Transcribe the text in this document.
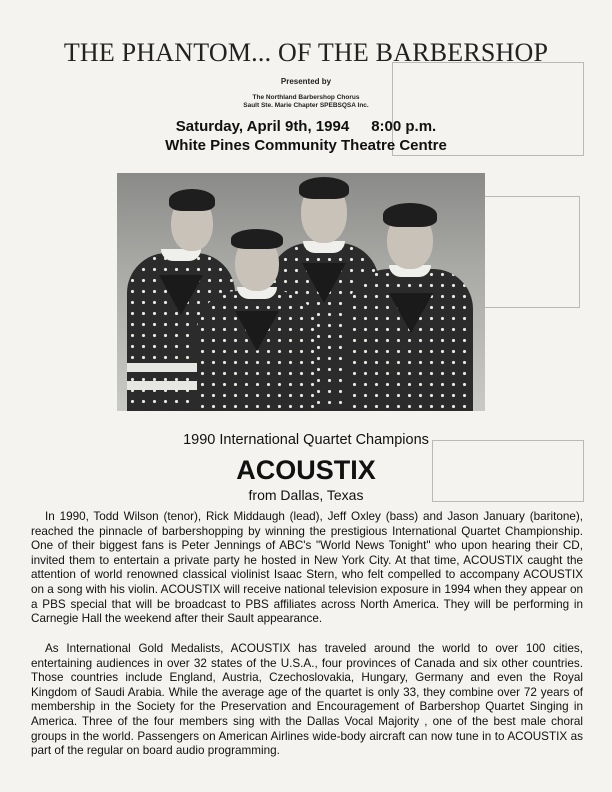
THE PHANTOM... OF THE BARBERSHOP
Presented by
The Northland Barbershop Chorus
Sault Ste. Marie Chapter SPEBSQSA Inc.
Saturday, April 9th, 1994 8:00 p.m.
White Pines Community Theatre Centre
1990 International Quartet Champions
ACOUSTIX
from Dallas, Texas

In 1990, Todd Wilson (tenor), Rick Middaugh (lead), Jeff Oxley (bass) and Jason January (baritone), reached the pinnacle of barbershopping by winning the prestigious International Quartet Championship. One of their biggest fans is Peter Jennings of ABC's "World News Tonight" who upon hearing their CD, invited them to entertain a private party he hosted in New York City. At that time, ACOUSTIX caught the attention of world renowned classical violinist Isaac Stern, who felt compelled to accompany ACOUSTIX on a song with his violin. ACOUSTIX will receive national television exposure in 1994 when they appear on a PBS special that will be broadcast to PBS affiliates across North America. They will be performing in Carnegie Hall the weekend after their Sault appearance.

As International Gold Medalists, ACOUSTIX has traveled around the world to over 100 cities, entertaining audiences in over 32 states of the U.S.A., four provinces of Canada and six other countries. Those countries include England, Austria, Czechoslovakia, Hungary, Germany and even the Royal Kingdom of Saudi Arabia. While the average age of the quartet is only 33, they combine over 72 years of membership in the Society for the Preservation and Encouragement of Barbershop Quartet Singing in America. Three of the four members sing with the Dallas Vocal Majority , one of the best male choral groups in the world. Passengers on American Airlines wide-body aircraft can now tune in to ACOUSTIX as part of the regular on board audio programming.
